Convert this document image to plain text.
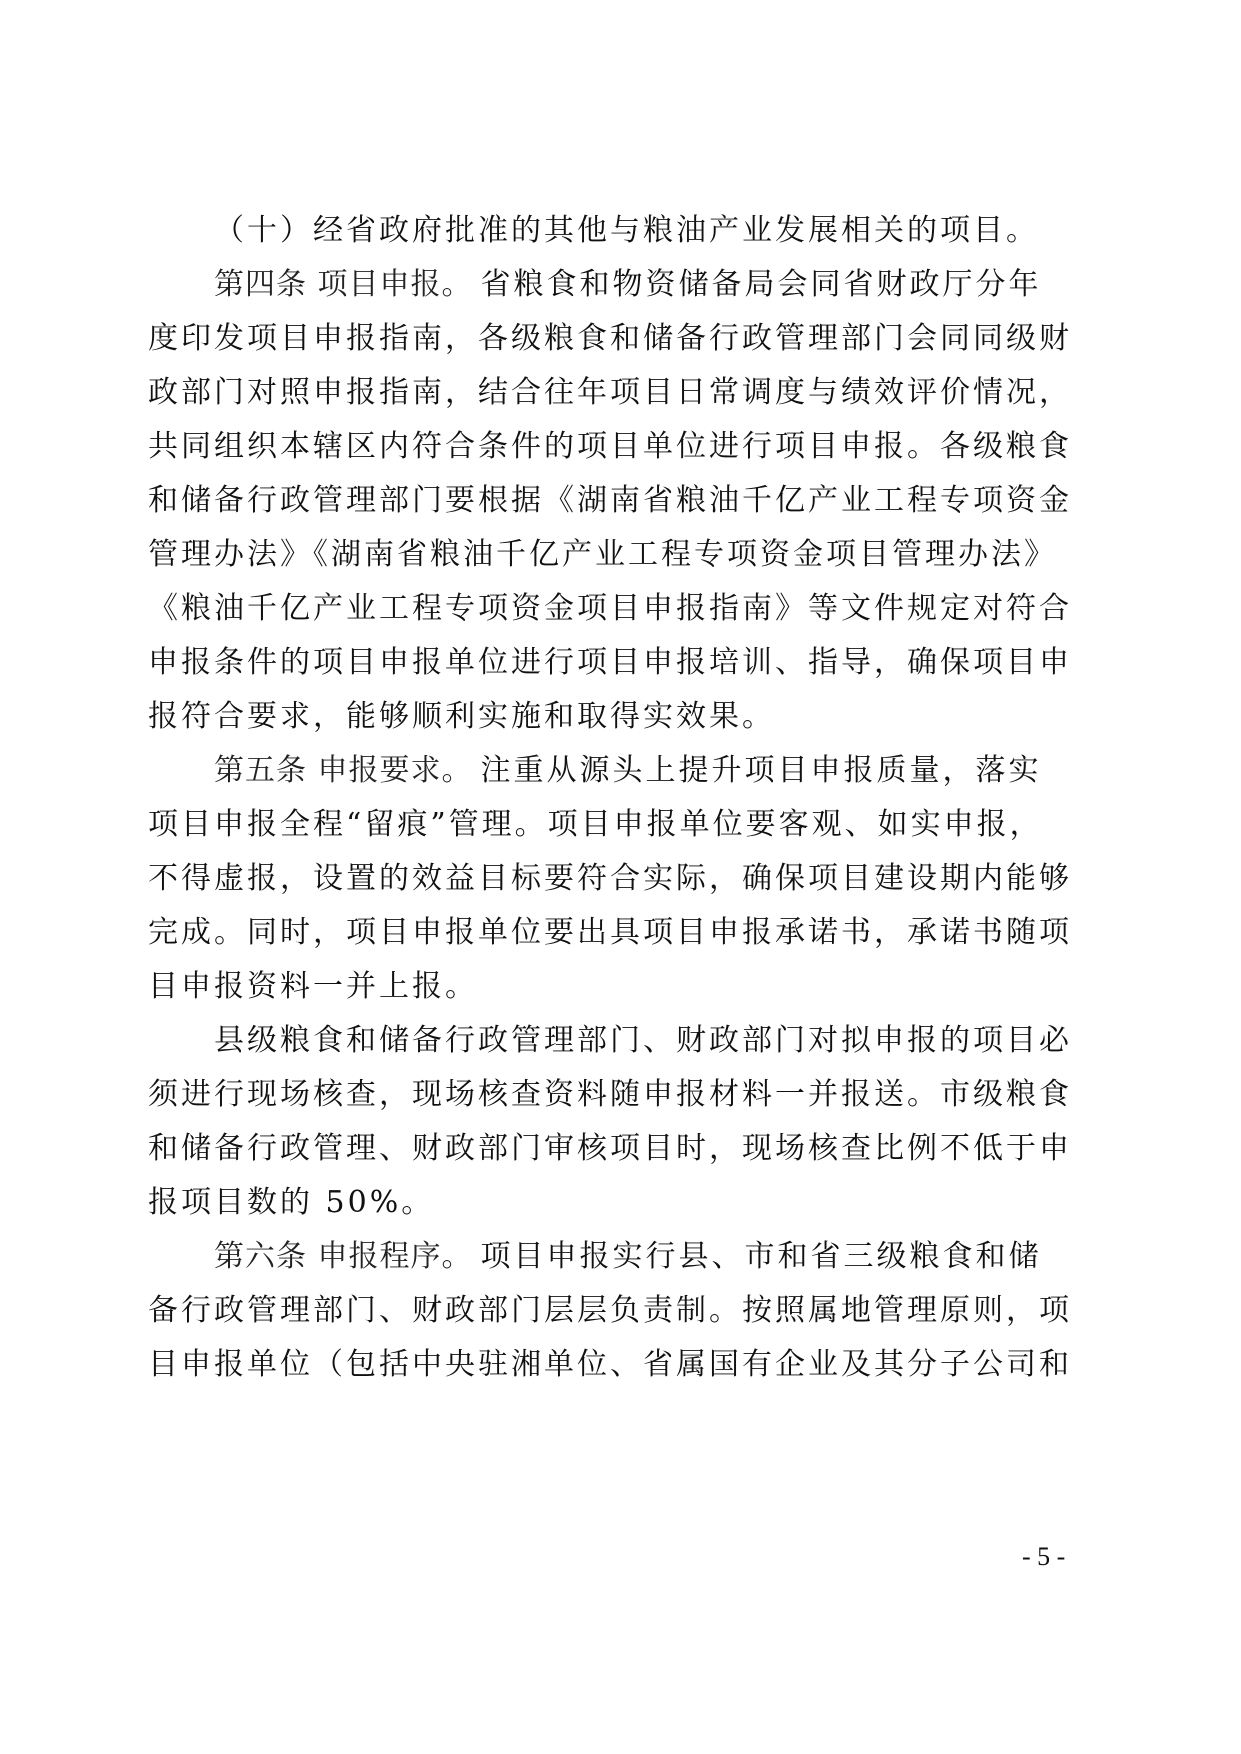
（十）经省政府批准的其他与粮油产业发展相关的项目。
第四条 项目申报。 省粮食和物资储备局会同省财政厅分年
度印发项目申报指南，各级粮食和储备行政管理部门会同同级财
政部门对照申报指南，结合往年项目日常调度与绩效评价情况，
共同组织本辖区内符合条件的项目单位进行项目申报。各级粮食
和储备行政管理部门要根据《湖南省粮油千亿产业工程专项资金
管理办法》《湖南省粮油千亿产业工程专项资金项目管理办法》
《粮油千亿产业工程专项资金项目申报指南》等文件规定对符合
申报条件的项目申报单位进行项目申报培训、指导，确保项目申
报符合要求，能够顺利实施和取得实效果。
第五条 申报要求。 注重从源头上提升项目申报质量，落实
项目申报全程“留痕”管理。项目申报单位要客观、如实申报，
不得虚报，设置的效益目标要符合实际，确保项目建设期内能够
完成。同时，项目申报单位要出具项目申报承诺书，承诺书随项
目申报资料一并上报。
县级粮食和储备行政管理部门、财政部门对拟申报的项目必
须进行现场核查，现场核查资料随申报材料一并报送。市级粮食
和储备行政管理、财政部门审核项目时，现场核查比例不低于申
报项目数的 50%。
第六条 申报程序。 项目申报实行县、市和省三级粮食和储
备行政管理部门、财政部门层层负责制。按照属地管理原则，项
目申报单位（包括中央驻湘单位、省属国有企业及其分子公司和
- 5 -
